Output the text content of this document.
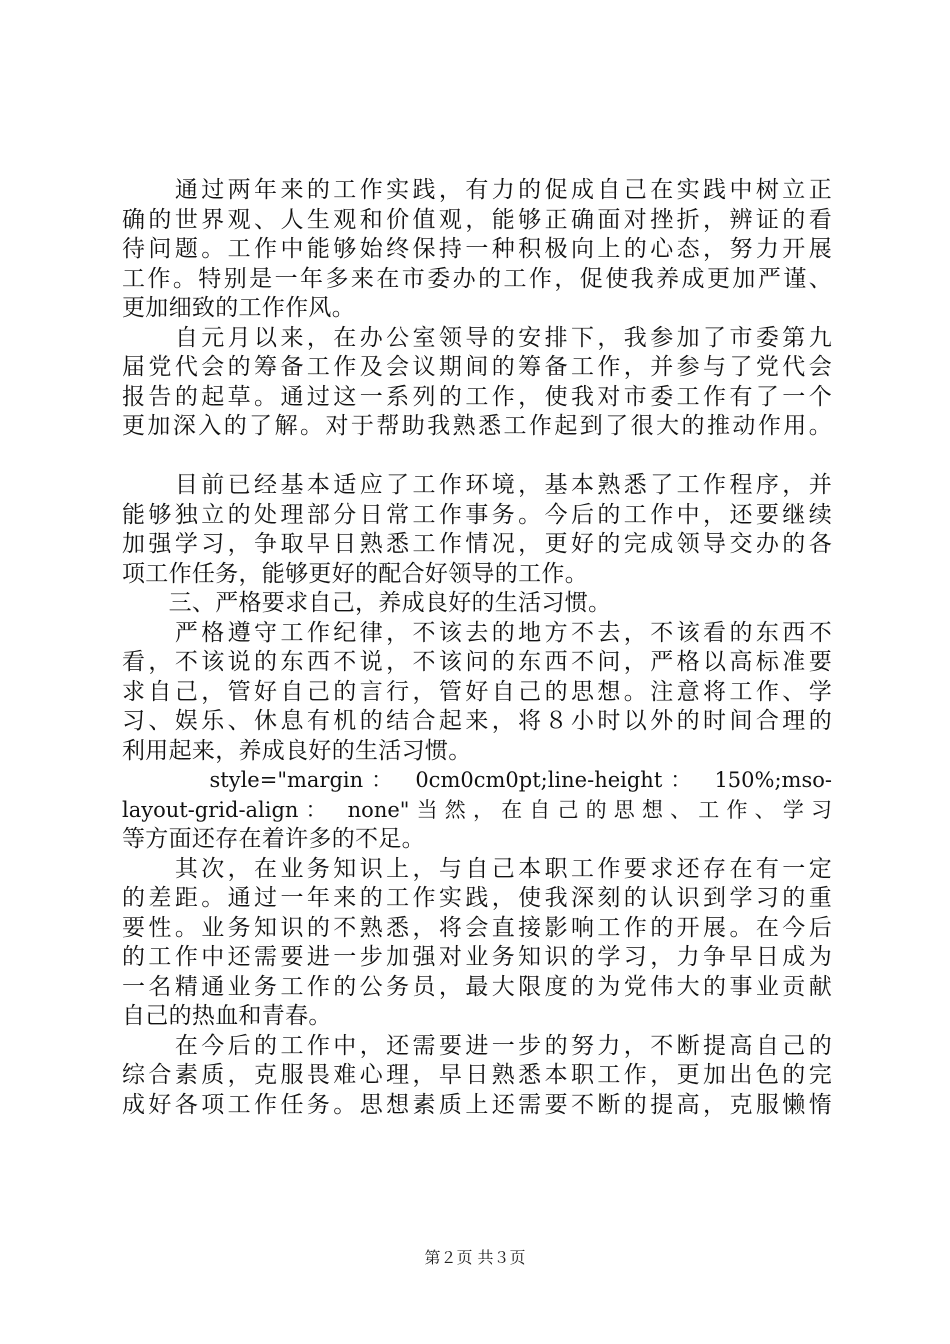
　　通过两年来的工作实践，有力的促成自己在实践中树立正
确的世界观、人生观和价值观，能够正确面对挫折，辨证的看
待问题。工作中能够始终保持一种积极向上的心态，努力开展
工作。特别是一年多来在市委办的工作，促使我养成更加严谨、
更加细致的工作作风。
　　自元月以来，在办公室领导的安排下，我参加了市委第九
届党代会的筹备工作及会议期间的筹备工作，并参与了党代会
报告的起草。通过这一系列的工作，使我对市委工作有了一个
更加深入的了解。对于帮助我熟悉工作起到了很大的推动作用。
　　目前已经基本适应了工作环境，基本熟悉了工作程序，并
能够独立的处理部分日常工作事务。今后的工作中，还要继续
加强学习，争取早日熟悉工作情况，更好的完成领导交办的各
项工作任务，能够更好的配合好领导的工作。
　　三、严格要求自己，养成良好的生活习惯。
　　严格遵守工作纪律，不该去的地方不去，不该看的东西不
看，不该说的东西不说，不该问的东西不问，严格以高标准要
求自己，管好自己的言行，管好自己的思想。注意将工作、学
习、娱乐、休息有机的结合起来，将８小时以外的时间合理的
利用起来，养成良好的生活习惯。
　　　style="margin： 0cm0cm0pt;line-height： 150%;mso-
layout-grid-align： none"当然，在自己的思想、工作、学习
等方面还存在着许多的不足。
　　其次，在业务知识上，与自己本职工作要求还存在有一定
的差距。通过一年来的工作实践，使我深刻的认识到学习的重
要性。业务知识的不熟悉，将会直接影响工作的开展。在今后
的工作中还需要进一步加强对业务知识的学习，力争早日成为
一名精通业务工作的公务员，最大限度的为党伟大的事业贡献
自己的热血和青春。
　　在今后的工作中，还需要进一步的努力，不断提高自己的
综合素质，克服畏难心理，早日熟悉本职工作，更加出色的完
成好各项工作任务。思想素质上还需要不断的提高，克服懒惰
第２页 共３页
